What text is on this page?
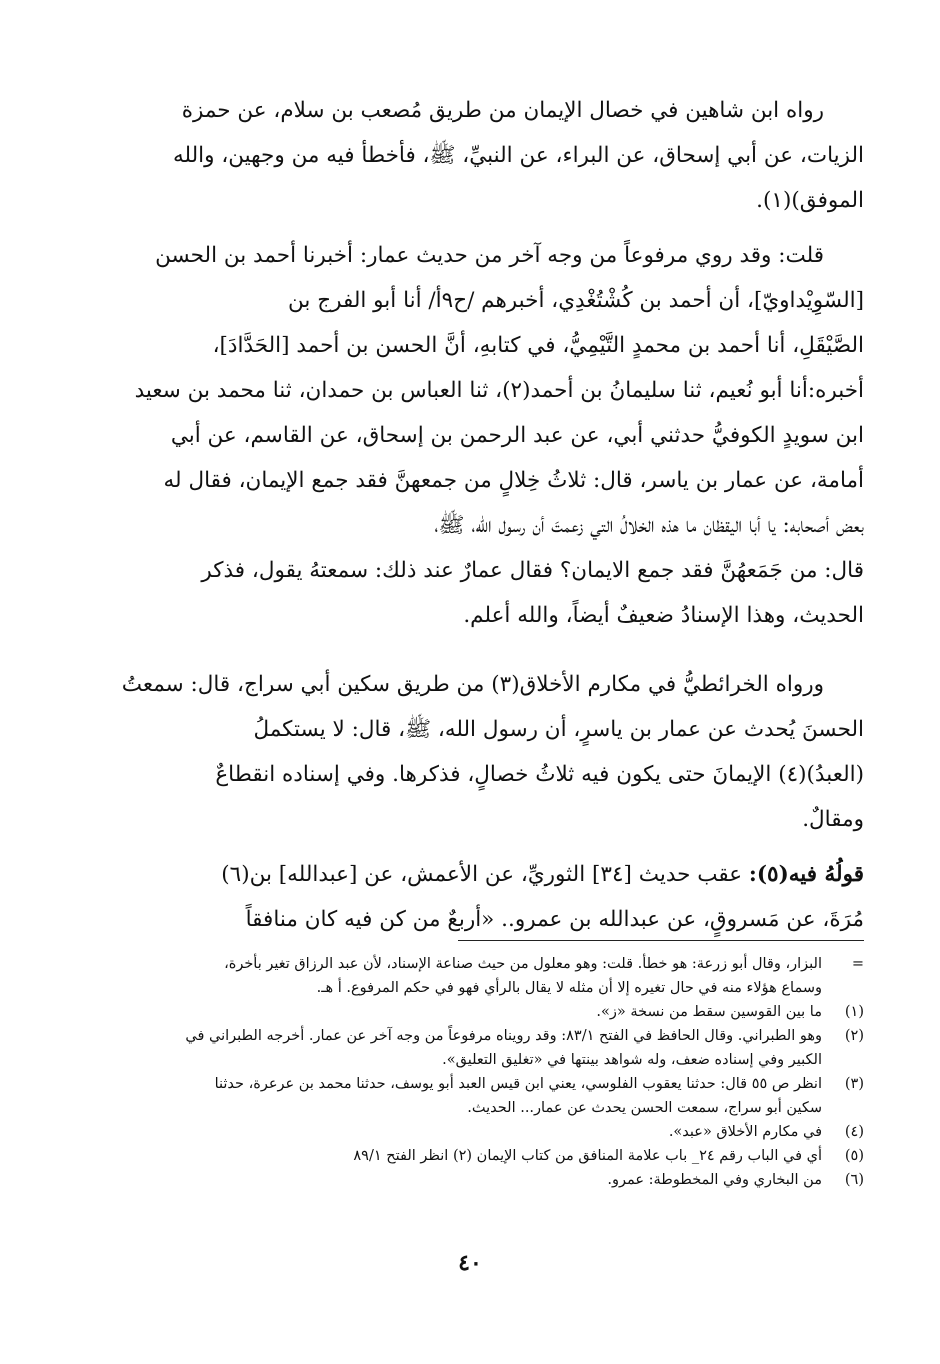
رواه ابن شاهين في خصال الإيمان من طريق مُصعب بن سلام، عن حمزة

الزيات، عن أبي إسحاق، عن البراء، عن النبيِّ، ﷺ، فأخطأ فيه من وجهين، والله

الموفق)(١).

قلت: وقد روي مرفوعاً من وجه آخر من حديث عمار: أخبرنا أحمد بن الحسن

[السّوِيْداويّ]، أن أحمد بن كُشْتُغْدِي، أخبرهم /ح٩أ/ أنا أبو الفرج بن

الصَّيْقَلِ، أنا أحمد بن محمدٍ التَّيْمِيُّ، في كتابهِ، أنَّ الحسن بن أحمد [الحَدَّادَ]،

أخبره:أنا أبو نُعيم، ثنا سليمانُ بن أحمد(٢)، ثنا العباس بن حمدان، ثنا محمد بن سعيد

ابن سويدٍ الكوفيُّ حدثني أبي، عن عبد الرحمن بن إسحاق، عن القاسم، عن أبي

أمامة، عن عمار بن ياسر، قال: ثلاثُ خِلالٍ من جمعهنَّ فقد جمع الإيمان، فقال له

بعض أصحابه: يا أبا اليقظان ما هذه الخلالُ التي زعمتَ أن رسول الله، ﷺ،

قال: من جَمَعهُنَّ فقد جمع الايمان؟ فقال عمارٌ عند ذلك: سمعتهُ يقول، فذكر

الحديث، وهذا الإسنادُ ضعيفٌ أيضاً، والله أعلم.

ورواه الخرائطيُّ في مكارم الأخلاق(٣) من طريق سكين أبي سراج، قال: سمعتُ

الحسنَ يُحدث عن عمار بن ياسرٍ، أن رسول الله، ﷺ، قال: لا يستكملُ

(العبدُ)(٤) الإيمانَ حتى يكون فيه ثلاثُ خصالٍ، فذكرها. وفي إسناده انقطاعٌ

ومقالٌ.

قولُهُ فيه(٥): عقب حديث [٣٤] الثوريِّ، عن الأعمش، عن [عبدالله] بن(٦)

مُرَةَ، عن مَسروقٍ، عن عبدالله بن عمرو.. «أربعٌ من كن فيه كان منافقاً

=
البزار، وقال أبو زرعة: هو خطأ. قلت: وهو معلول من حيث صناعة الإسناد، لأن عبد الرزاق تغير بأخرة،
وسماع هؤلاء منه في حال تغيره إلا أن مثله لا يقال بالرأي فهو في حكم المرفوع. أ هـ.
(١)
ما بين القوسين سقط من نسخة «ز».
(٢)
وهو الطبراني. وقال الحافظ في الفتح ٨٣/١: وقد رويناه مرفوعاً من وجه آخر عن عمار. أخرجه الطبراني في
الكبير وفي إسناده ضعف، وله شواهد بينتها في «تغليق التعليق».
(٣)
انظر ص ٥٥ قال: حدثنا يعقوب الفلوسي، يعني ابن قيس العبد أبو يوسف، حدثنا محمد بن عرعرة، حدثنا
سكين أبو سراج، سمعت الحسن يحدث عن عمار... الحديث.
(٤)
في مكارم الأخلاق «عبد».
(٥)
أي في الباب رقم ٢٤_ باب علامة المنافق من كتاب الإيمان (٢) انظر الفتح ٨٩/١
(٦)
من البخاري وفي المخطوطة: عمرو.
٤٠
